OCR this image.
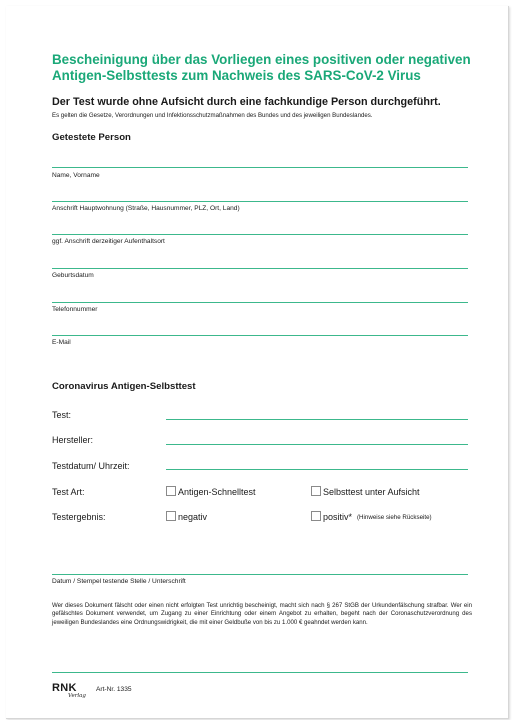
Bescheinigung über das Vorliegen eines positiven oder negativen Antigen-Selbsttests zum Nachweis des SARS-CoV-2 Virus
Der Test wurde ohne Aufsicht durch eine fachkundige Person durchgeführt.
Es gelten die Gesetze, Verordnungen und Infektionsschutzmaßnahmen des Bundes und des jeweiligen Bundeslandes.
Getestete Person
Name, Vorname
Anschrift Hauptwohnung (Straße, Hausnummer, PLZ, Ort, Land)
ggf. Anschrift derzeitiger Aufenthaltsort
Geburtsdatum
Telefonnummer
E-Mail
Coronavirus Antigen-Selbsttest
Test:
Hersteller:
Testdatum/ Uhrzeit:
Test Art:	Antigen-Schnelltest	Selbsttest unter Aufsicht
Testergebnis:	negativ	positiv* (Hinweise siehe Rückseite)
Datum / Stempel testende Stelle / Unterschrift
Wer dieses Dokument fälscht oder einen nicht erfolgten Test unrichtig bescheinigt, macht sich nach § 267 StGB der Urkundenfälschung strafbar. Wer ein gefälschtes Dokument verwendet, um Zugang zu einer Einrichtung oder einem Angebot zu erhalten, begeht nach der Coronaschutzverordnung des jeweiligen Bundeslandes eine Ordnungswidrigkeit, die mit einer Geldbuße von bis zu 1.000 € geahndet werden kann.
RNK
Verlag
Art-Nr. 1335
